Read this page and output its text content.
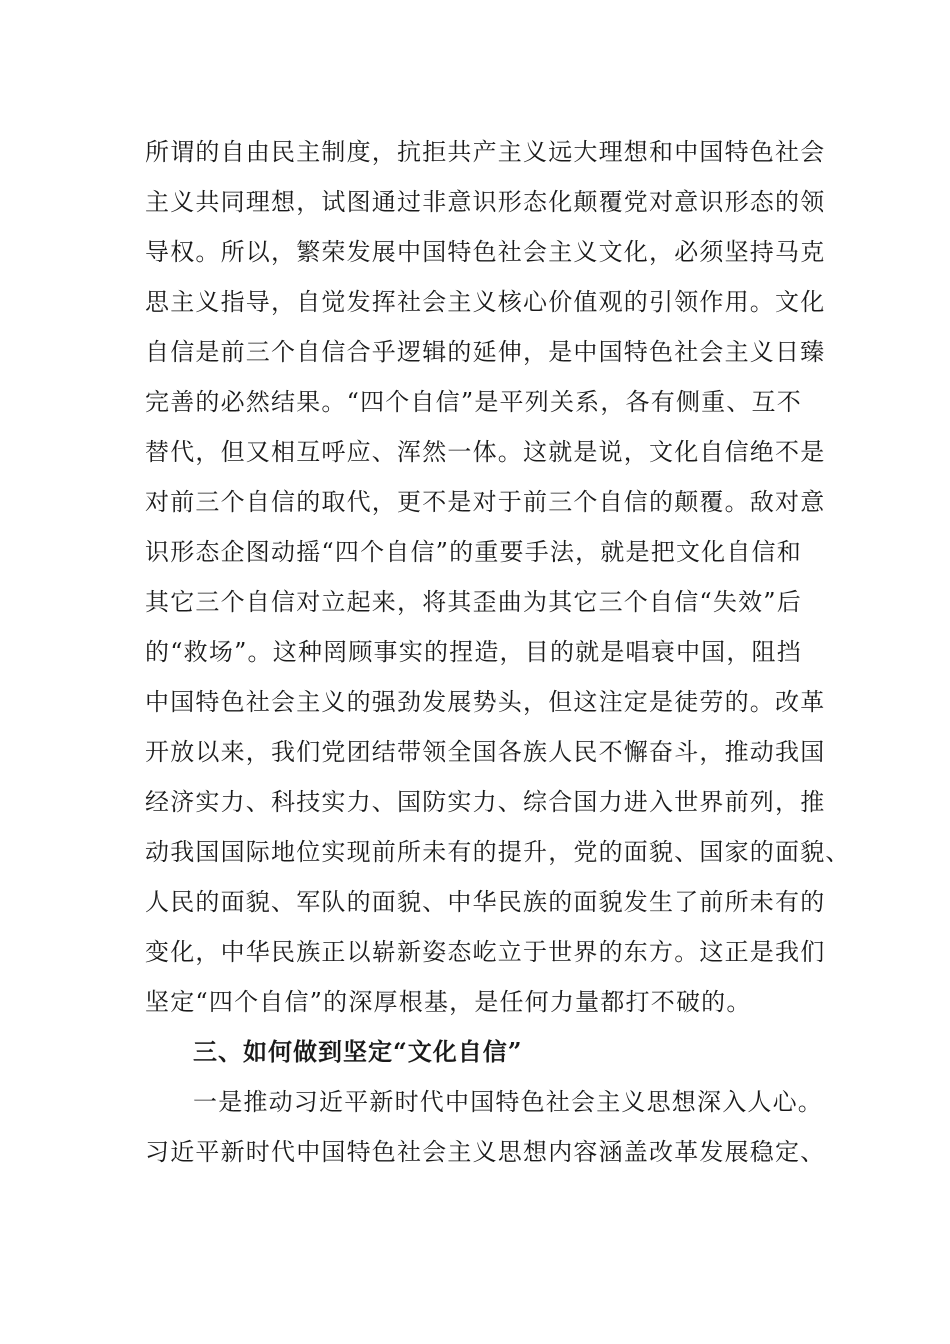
所谓的自由民主制度，抗拒共产主义远大理想和中国特色社会
主义共同理想，试图通过非意识形态化颠覆党对意识形态的领
导权。所以，繁荣发展中国特色社会主义文化，必须坚持马克
思主义指导，自觉发挥社会主义核心价值观的引领作用。文化
自信是前三个自信合乎逻辑的延伸，是中国特色社会主义日臻
完善的必然结果。“四个自信”是平列关系，各有侧重、互不
替代，但又相互呼应、浑然一体。这就是说，文化自信绝不是
对前三个自信的取代，更不是对于前三个自信的颠覆。敌对意
识形态企图动摇“四个自信”的重要手法，就是把文化自信和
其它三个自信对立起来，将其歪曲为其它三个自信“失效”后
的“救场”。这种罔顾事实的捏造，目的就是唱衰中国，阻挡
中国特色社会主义的强劲发展势头，但这注定是徒劳的。改革
开放以来，我们党团结带领全国各族人民不懈奋斗，推动我国
经济实力、科技实力、国防实力、综合国力进入世界前列，推
动我国国际地位实现前所未有的提升，党的面貌、国家的面貌、
人民的面貌、军队的面貌、中华民族的面貌发生了前所未有的
变化，中华民族正以崭新姿态屹立于世界的东方。这正是我们
坚定“四个自信”的深厚根基，是任何力量都打不破的。
三、如何做到坚定“文化自信”
一是推动习近平新时代中国特色社会主义思想深入人心。
习近平新时代中国特色社会主义思想内容涵盖改革发展稳定、
